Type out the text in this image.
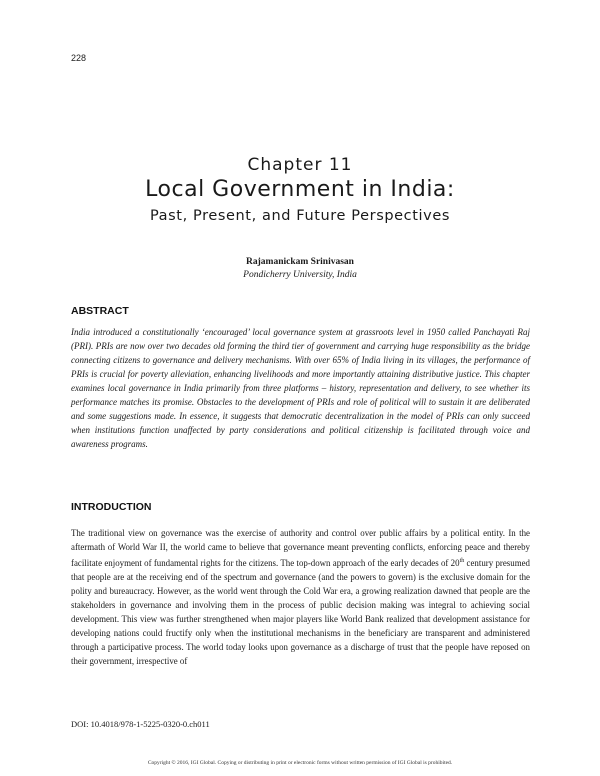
228
Chapter 11
Local Government in India:
Past, Present, and Future Perspectives
Rajamanickam Srinivasan
Pondicherry University, India
ABSTRACT

India introduced a constitutionally ‘encouraged’ local governance system at grassroots level in 1950 called Panchayati Raj (PRI). PRIs are now over two decades old forming the third tier of government and carrying huge responsibility as the bridge connecting citizens to governance and delivery mechanisms. With over 65% of India living in its villages, the performance of PRIs is crucial for poverty alleviation, enhancing livelihoods and more importantly attaining distributive justice. This chapter examines local governance in India primarily from three platforms – history, representation and delivery, to see whether its performance matches its promise. Obstacles to the development of PRIs and role of political will to sustain it are deliberated and some suggestions made. In essence, it suggests that democratic decentralization in the model of PRIs can only succeed when institutions function unaffected by party considerations and political citizenship is facilitated through voice and awareness programs.

INTRODUCTION

The traditional view on governance was the exercise of authority and control over public affairs by a political entity. In the aftermath of World War II, the world came to believe that governance meant preventing conflicts, enforcing peace and thereby facilitate enjoyment of fundamental rights for the citizens. The top-down approach of the early decades of 20th century presumed that people are at the receiving end of the spectrum and governance (and the powers to govern) is the exclusive domain for the polity and bureaucracy. However, as the world went through the Cold War era, a growing realization dawned that people are the stakeholders in governance and involving them in the process of public decision making was integral to achieving social development. This view was further strengthened when major players like World Bank realized that development assistance for developing nations could fructify only when the institutional mechanisms in the beneficiary are transparent and administered through a participative process. The world today looks upon governance as a discharge of trust that the people have reposed on their government, irrespective of

DOI: 10.4018/978-1-5225-0320-0.ch011
Copyright © 2016, IGI Global. Copying or distributing in print or electronic forms without written permission of IGI Global is prohibited.
